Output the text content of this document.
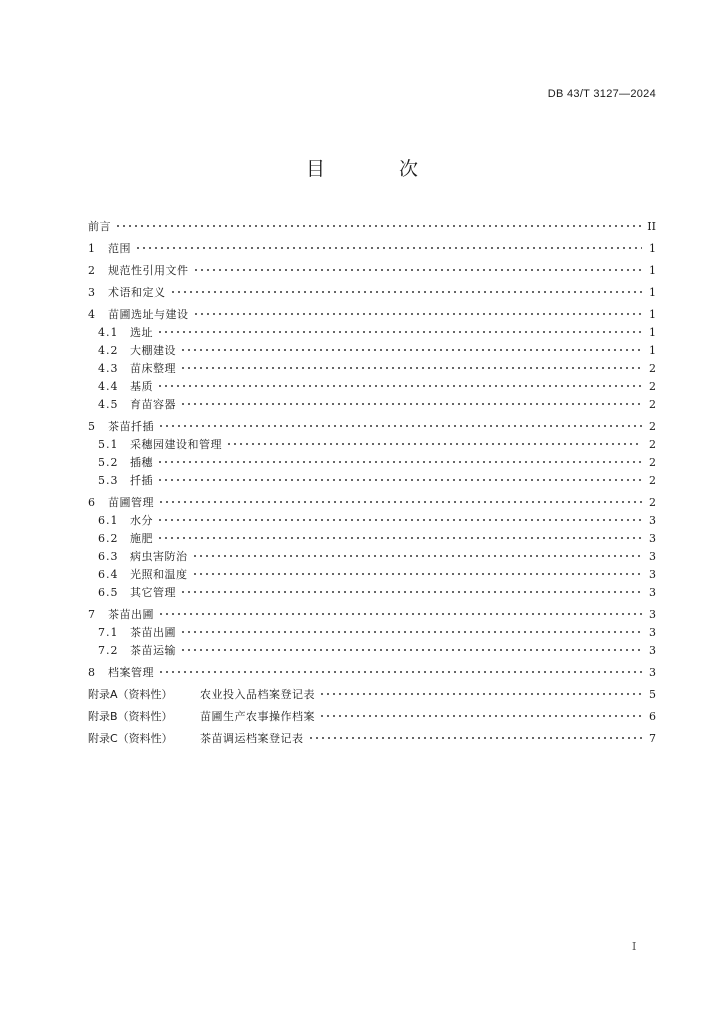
DB 43/T 3127—2024
目 次
前言	II
1	范围	1
2	规范性引用文件	1
3	术语和定义	1
4	苗圃选址与建设	1
4.1	选址	1
4.2	大棚建设	1
4.3	苗床整理	2
4.4	基质	2
4.5	育苗容器	2
5	茶苗扦插	2
5.1	采穗园建设和管理	2
5.2	插穗	2
5.3	扦插	2
6	苗圃管理	2
6.1	水分	3
6.2	施肥	3
6.3	病虫害防治	3
6.4	光照和温度	3
6.5	其它管理	3
7	茶苗出圃	3
7.1	茶苗出圃	3
7.2	茶苗运输	3
8	档案管理	3
附录A（资料性）	农业投入品档案登记表	5
附录B（资料性）	苗圃生产农事操作档案	6
附录C（资料性）	茶苗调运档案登记表	7
I
